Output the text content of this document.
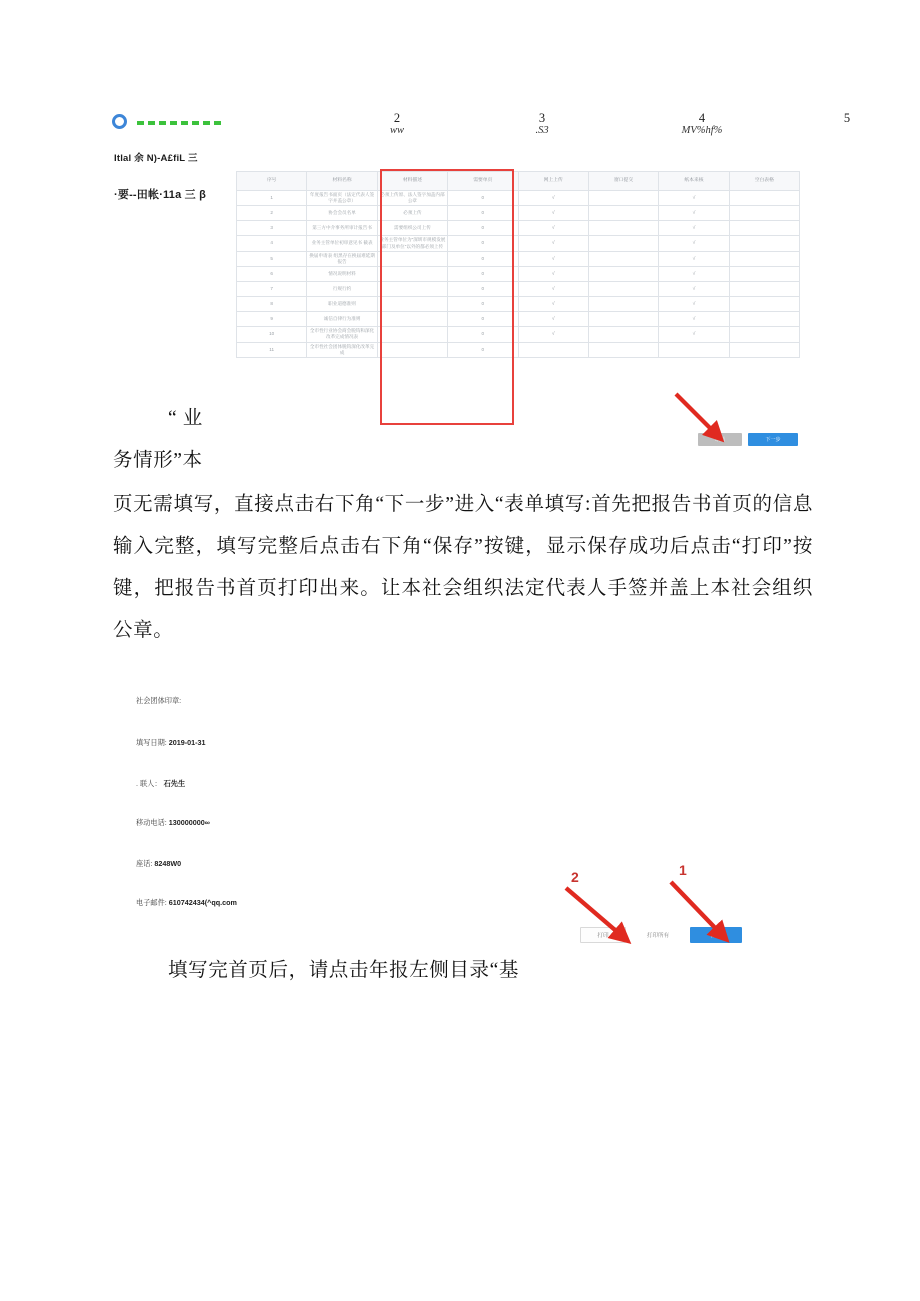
2
ww
3
.S3
4
MV%hf%
5
Itlal 余 N)-A£fiL 三
·要--田帐·11a 三 β
序号	材料名称	材料描述	需要单页	网上上传	窗口提交	纸本来核	空白表格
1	年度报告书面页（法定代表人签字并盖公章）	必须上传原、法人签字加盖内部公章	0	√		√	
2	协会会员名单	必须上传	0	√		√	
3	第三方中介事务所审计报告书	需要组织公司上传	0	√		√	
4	业务主管单位初审意见书 截表	业务主管单位为"深圳市规模发展部门及单位"以外的都必须上传	0	√		√	
5	换届申请表 组黑存在换届难延期报告		0	√		√	
6	情况说明材料		0	√		√	
7	行规行约		0	√		√	
8	职业道德准则		0	√		√	
9	诚信自律行为准则		0	√		√	
10	全市性行业协会商会脱钩和深化改革完成情况表		0	√		√	
11	全市性社会团体脱钩深化改革完成		0				
取消	下一步
“ 业
务情形”本
页无需填写，直接点击右下角“下一步”进入“表单填写:首先把报告书首页的信息输入完整，填写完整后点击右下角“保存”按键，显示保存成功后点击“打印”按键，把报告书首页打印出来。让本社会组织法定代表人手签并盖上本社会组织公章。
社会团体印章:
填写日期: 2019-01-31
. 联人： 石先生
移动电话: 130000000∞
座话: 8248W0
电子邮件: 610742434(^qq.com
打印	打印所有	保存
1
2
填写完首页后，请点击年报左侧目录“基
